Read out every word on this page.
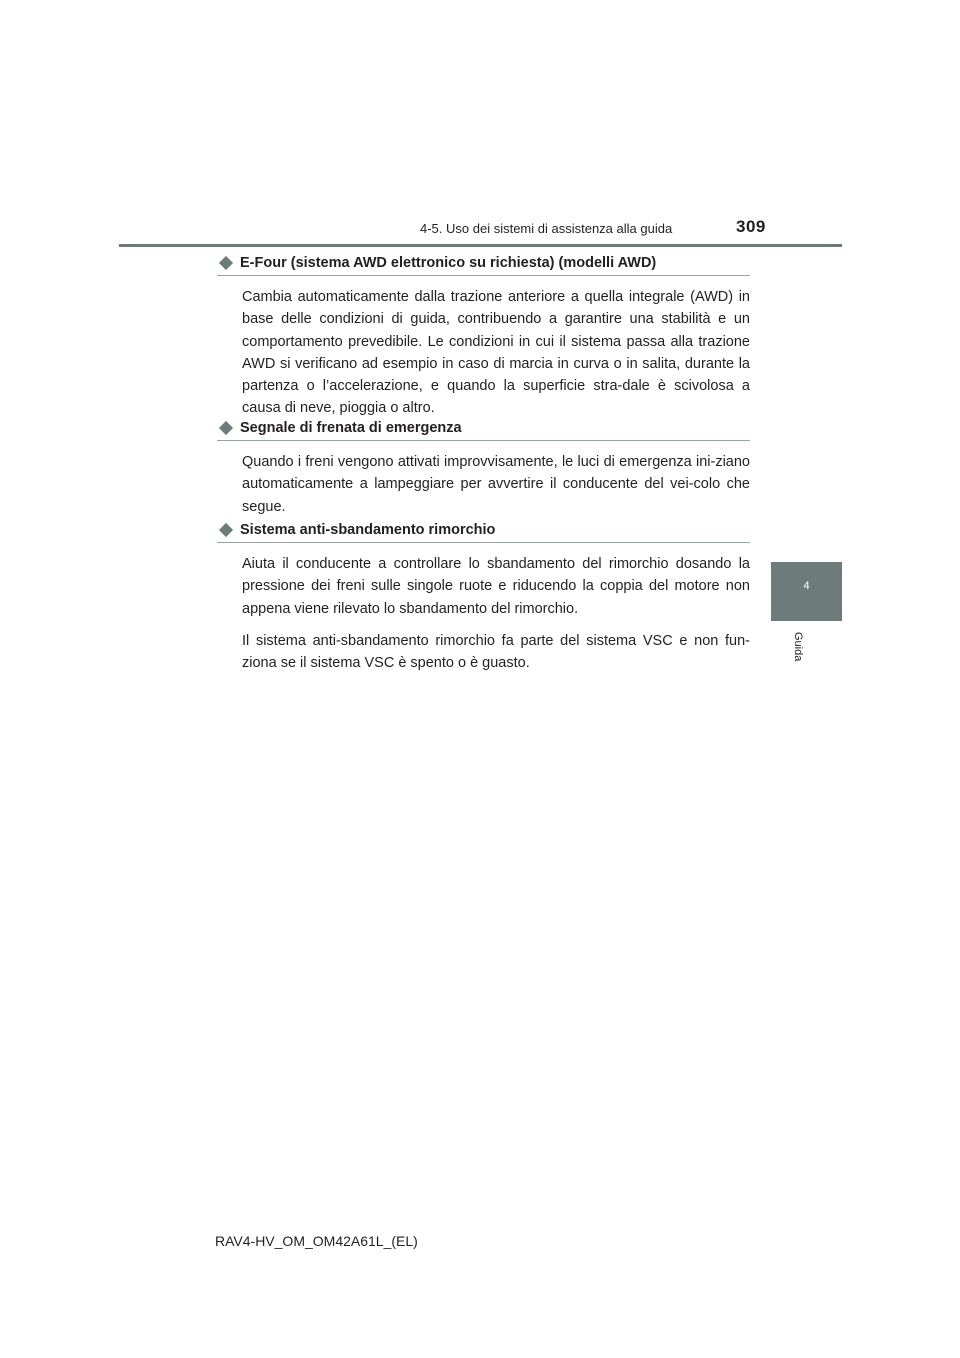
4-5. Uso dei sistemi di assistenza alla guida	309
4
Guida
E-Four (sistema AWD elettronico su richiesta) (modelli AWD)

Cambia automaticamente dalla trazione anteriore a quella integrale (AWD) in base delle condizioni di guida, contribuendo a garantire una stabilità e un comportamento prevedibile. Le condizioni in cui il sistema passa alla trazione AWD si verificano ad esempio in caso di marcia in curva o in salita, durante la partenza o l’accelerazione, e quando la superficie stra-dale è scivolosa a causa di neve, pioggia o altro.

Segnale di frenata di emergenza

Quando i freni vengono attivati improvvisamente, le luci di emergenza ini-ziano automaticamente a lampeggiare per avvertire il conducente del vei-colo che segue.

Sistema anti-sbandamento rimorchio

Aiuta il conducente a controllare lo sbandamento del rimorchio dosando la pressione dei freni sulle singole ruote e riducendo la coppia del motore non appena viene rilevato lo sbandamento del rimorchio.

Il sistema anti-sbandamento rimorchio fa parte del sistema VSC e non fun-ziona se il sistema VSC è spento o è guasto.

RAV4-HV_OM_OM42A61L_(EL)
